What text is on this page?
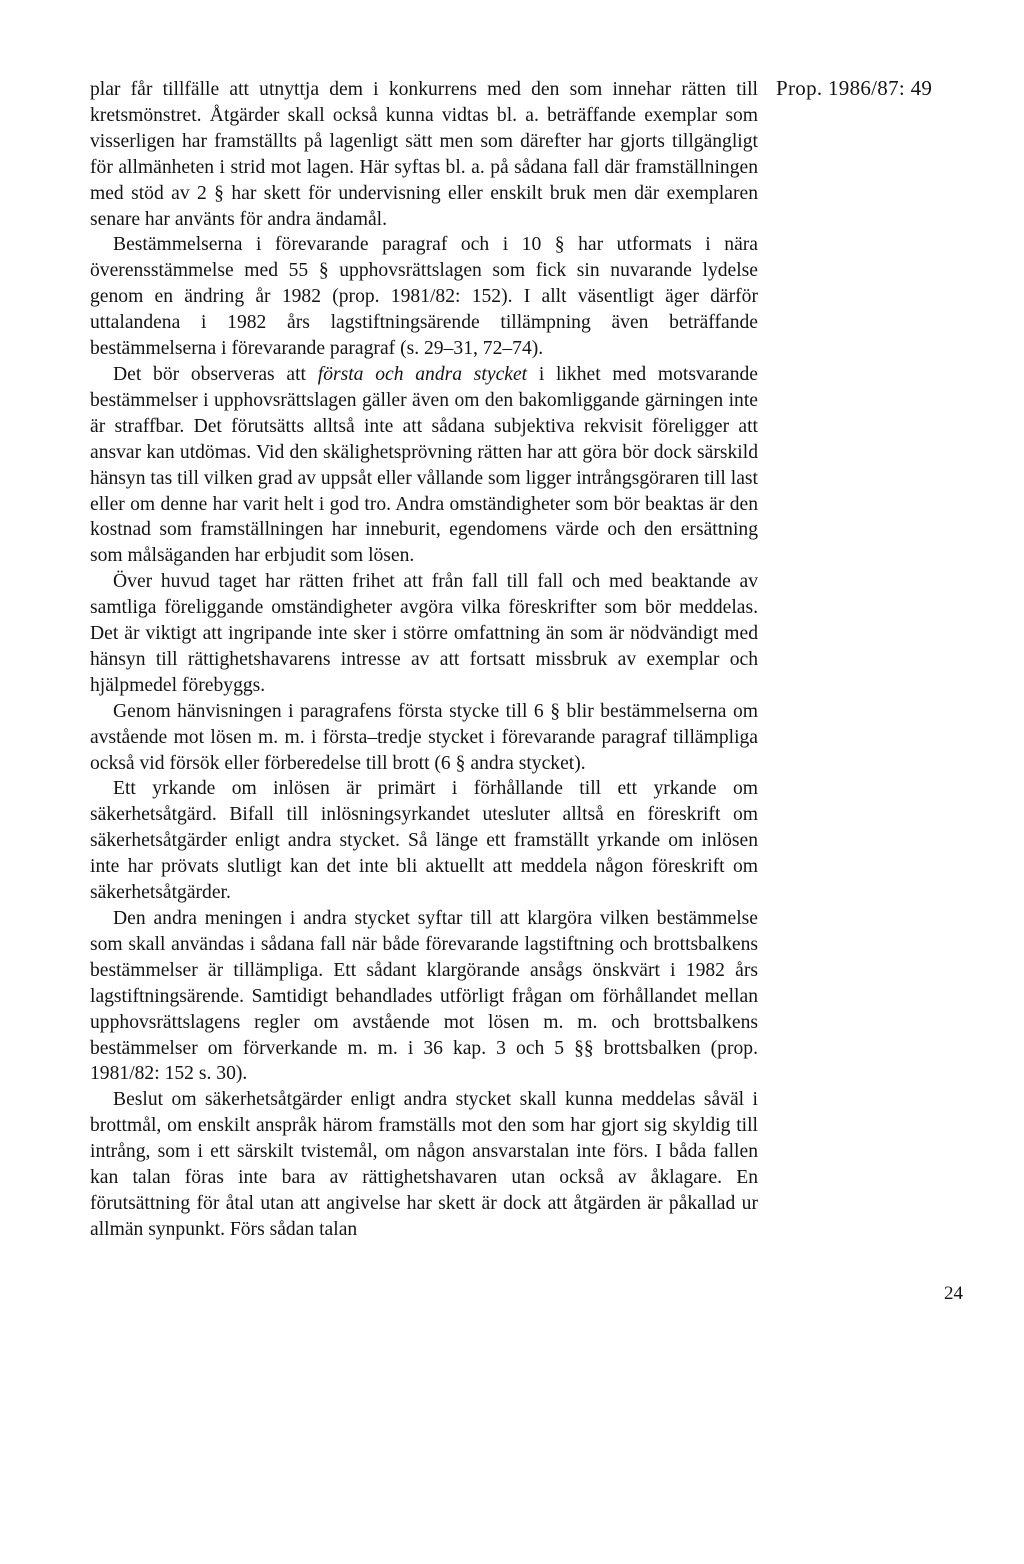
Prop. 1986/87: 49

plar får tillfälle att utnyttja dem i konkurrens med den som innehar rätten till kretsmönstret. Åtgärder skall också kunna vidtas bl. a. beträffande exemplar som visserligen har framställts på lagenligt sätt men som därefter har gjorts tillgängligt för allmänheten i strid mot lagen. Här syftas bl. a. på sådana fall där framställningen med stöd av 2 § har skett för undervisning eller enskilt bruk men där exemplaren senare har använts för andra ändamål.

Bestämmelserna i förevarande paragraf och i 10 § har utformats i nära överensstämmelse med 55 § upphovsrättslagen som fick sin nuvarande lydelse genom en ändring år 1982 (prop. 1981/82: 152). I allt väsentligt äger därför uttalandena i 1982 års lagstiftningsärende tillämpning även beträffande bestämmelserna i förevarande paragraf (s. 29–31, 72–74).

Det bör observeras att första och andra stycket i likhet med motsvarande bestämmelser i upphovsrättslagen gäller även om den bakomliggande gärningen inte är straffbar. Det förutsätts alltså inte att sådana subjektiva rekvisit föreligger att ansvar kan utdömas. Vid den skälighetsprövning rätten har att göra bör dock särskild hänsyn tas till vilken grad av uppsåt eller vållande som ligger intrångsgöraren till last eller om denne har varit helt i god tro. Andra omständigheter som bör beaktas är den kostnad som framställningen har inneburit, egendomens värde och den ersättning som målsäganden har erbjudit som lösen.

Över huvud taget har rätten frihet att från fall till fall och med beaktande av samtliga föreliggande omständigheter avgöra vilka föreskrifter som bör meddelas. Det är viktigt att ingripande inte sker i större omfattning än som är nödvändigt med hänsyn till rättighetshavarens intresse av att fortsatt missbruk av exemplar och hjälpmedel förebyggs.

Genom hänvisningen i paragrafens första stycke till 6 § blir bestämmelserna om avstående mot lösen m. m. i första–tredje stycket i förevarande paragraf tillämpliga också vid försök eller förberedelse till brott (6 § andra stycket).

Ett yrkande om inlösen är primärt i förhållande till ett yrkande om säkerhetsåtgärd. Bifall till inlösningsyrkandet utesluter alltså en föreskrift om säkerhetsåtgärder enligt andra stycket. Så länge ett framställt yrkande om inlösen inte har prövats slutligt kan det inte bli aktuellt att meddela någon föreskrift om säkerhetsåtgärder.

Den andra meningen i andra stycket syftar till att klargöra vilken bestämmelse som skall användas i sådana fall när både förevarande lagstiftning och brottsbalkens bestämmelser är tillämpliga. Ett sådant klargörande ansågs önskvärt i 1982 års lagstiftningsärende. Samtidigt behandlades utförligt frågan om förhållandet mellan upphovsrättslagens regler om avstående mot lösen m. m. och brottsbalkens bestämmelser om förverkande m. m. i 36 kap. 3 och 5 §§ brottsbalken (prop. 1981/82: 152 s. 30).

Beslut om säkerhetsåtgärder enligt andra stycket skall kunna meddelas såväl i brottmål, om enskilt anspråk härom framställs mot den som har gjort sig skyldig till intrång, som i ett särskilt tvistemål, om någon ansvarstalan inte förs. I båda fallen kan talan föras inte bara av rättighetshavaren utan också av åklagare. En förutsättning för åtal utan att angivelse har skett är dock att åtgärden är påkallad ur allmän synpunkt. Förs sådan talan

24
